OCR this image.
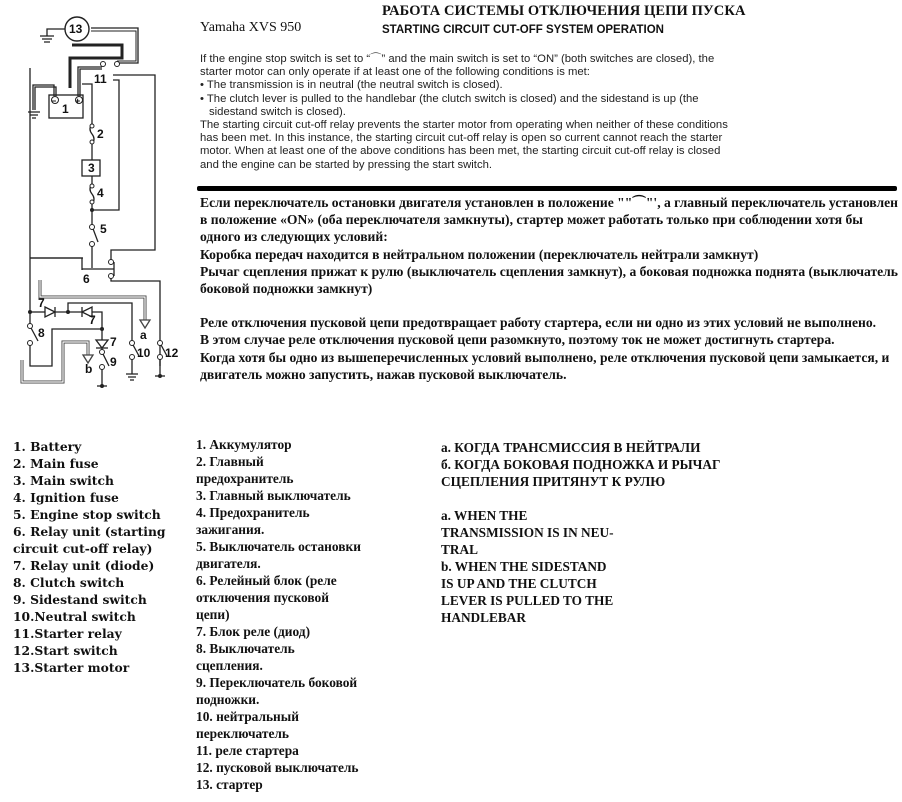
13
1
2
3
4
5
6
7
7
7
8
9
10 12
11
a
b
− +
Yamaha XVS 950
РАБОТА СИСТЕМЫ ОТКЛЮЧЕНИЯ ЦЕПИ ПУСКА
STARTING CIRCUIT CUT-OFF SYSTEM OPERATION

If the engine stop switch is set to “⌒” and the main switch is set to “ON” (both switches are closed), the starter motor can only operate if at least one of the following conditions is met:

• The transmission is in neutral (the neutral switch is closed).
• The clutch lever is pulled to the handlebar (the clutch switch is closed) and the sidestand is up (the sidestand switch is closed).

The starting circuit cut-off relay prevents the starter motor from operating when neither of these conditions has been met. In this instance, the starting circuit cut-off relay is open so current cannot reach the starter motor. When at least one of the above conditions has been met, the starting circuit cut-off relay is closed and the engine can be started by pressing the start switch.

Если переключатель остановки двигателя установлен в положение ""⌒"', а главный переключатель установлен в положение «ON» (оба переключателя замкнуты), стартер может работать только при соблюдении хотя бы одного из следующих условий:

Коробка передач находится в нейтральном положении (переключатель нейтрали замкнут)

Рычаг сцепления прижат к рулю (выключатель сцепления замкнут), а боковая подножка поднята (выключатель боковой подножки замкнут)

Реле отключения пусковой цепи предотвращает работу стартера, если ни одно из этих условий не выполнено.

В этом случае реле отключения пусковой цепи разомкнуто, поэтому ток не может достигнуть стартера.

Когда хотя бы одно из вышеперечисленных условий выполнено, реле отключения пусковой цепи замыкается, и двигатель можно запустить, нажав пусковой выключатель.

1. Battery
2. Main fuse
3. Main switch
4. Ignition fuse
5. Engine stop switch
6. Relay unit (starting
circuit cut-off relay)
7. Relay unit (diode)
8. Clutch switch
9. Sidestand switch
10.Neutral switch
11.Starter relay
12.Start switch
13.Starter motor
1. Аккумулятор
2. Главный
предохранитель
3. Главный выключатель
4. Предохранитель
зажигания.
5. Выключатель остановки
двигателя.
6. Релейный блок (реле
отключения пусковой
цепи)
7. Блок реле (диод)
8. Выключатель
сцепления.
9. Переключатель боковой
подножки.
10. нейтральный
переключатель
11. реле стартера
12. пусковой выключатель
13. стартер
а. КОГДА ТРАНСМИССИЯ В НЕЙТРАЛИ
б. КОГДА БОКОВАЯ ПОДНОЖКА И РЫЧАГ
СЦЕПЛЕНИЯ ПРИТЯНУТ К РУЛЮ
a. WHEN THE
TRANSMISSION IS IN NEU-
TRAL
b. WHEN THE SIDESTAND
IS UP AND THE CLUTCH
LEVER IS PULLED TO THE
HANDLEBAR
